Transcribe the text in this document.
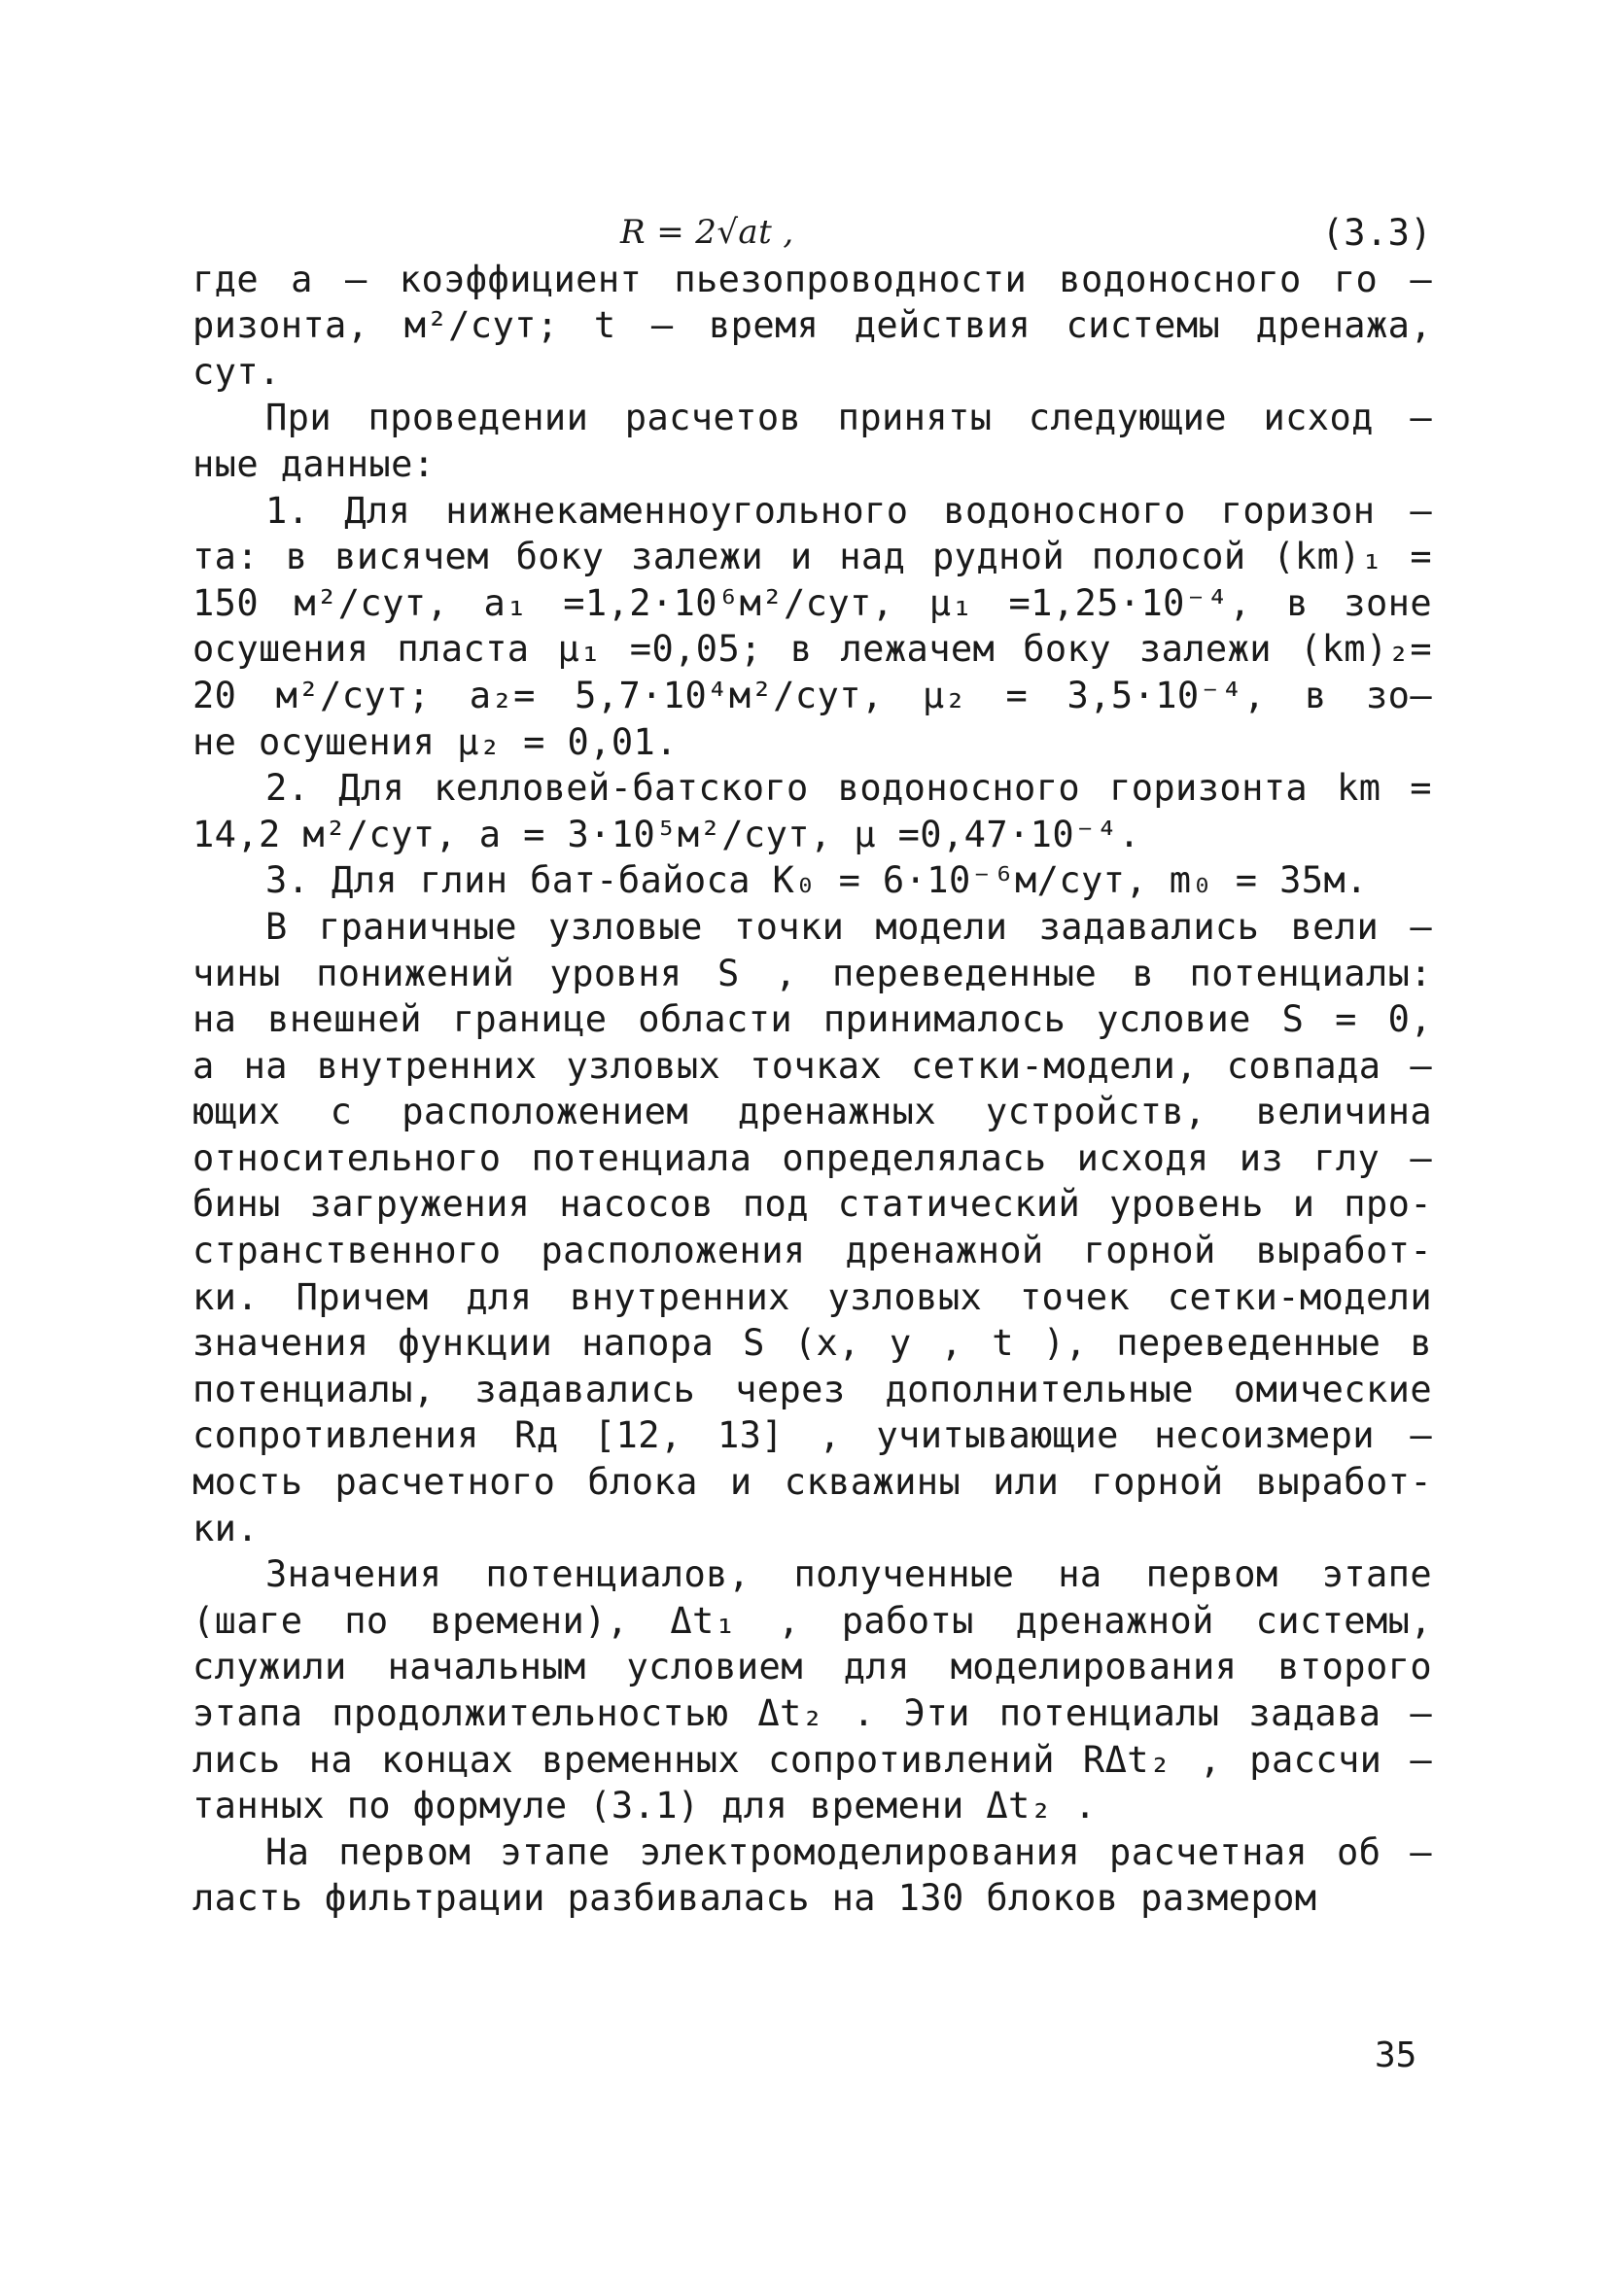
R = 2√at ,	(3.3)

где a – коэффициент пьезопроводности водоносного го –

ризонта, м²/сут; t – время действия системы дренажа,

сут.

При проведении расчетов приняты следующие исход –

ные данные:

1. Для нижнекаменноугольного водоносного горизон –

та: в висячем боку залежи и над рудной полосой (km)₁ =

150 м²/сут, a₁ =1,2·10⁶м²/сут, μ₁ =1,25·10⁻⁴, в зоне

осушения пласта μ₁ =0,05; в лежачем боку залежи (km)₂=

20 м²/сут; a₂= 5,7·10⁴м²/сут, μ₂ = 3,5·10⁻⁴, в зо–

не осушения μ₂ = 0,01.

2. Для келловей-батского водоносного горизонта km =

14,2 м²/сут, a = 3·10⁵м²/сут, μ =0,47·10⁻⁴.

3. Для глин бат-байоса K₀ = 6·10⁻⁶м/сут, m₀ = 35м.

В граничные узловые точки модели задавались вели –

чины понижений уровня S , переведенные в потенциалы:

на внешней границе области принималось условие S = 0,

а на внутренних узловых точках сетки-модели, совпада –

ющих с расположением дренажных устройств, величина

относительного потенциала определялась исходя из глу –

бины загружения насосов под статический уровень и про-

странственного расположения дренажной горной выработ-

ки. Причем для внутренних узловых точек сетки-модели

значения функции напора S (x, y , t ), переведенные в

потенциалы, задавались через дополнительные омические

сопротивления Rд [12, 13] , учитывающие несоизмери –

мость расчетного блока и скважины или горной выработ-

ки.

Значения потенциалов, полученные на первом этапе

(шаге по времени), Δt₁ , работы дренажной системы,

служили начальным условием для моделирования второго

этапа продолжительностью Δt₂ . Эти потенциалы задава –

лись на концах временных сопротивлений RΔt₂ , рассчи –

танных по формуле (3.1) для времени Δt₂ .

На первом этапе электромоделирования расчетная об –

ласть фильтрации разбивалась на 130 блоков размером

35
